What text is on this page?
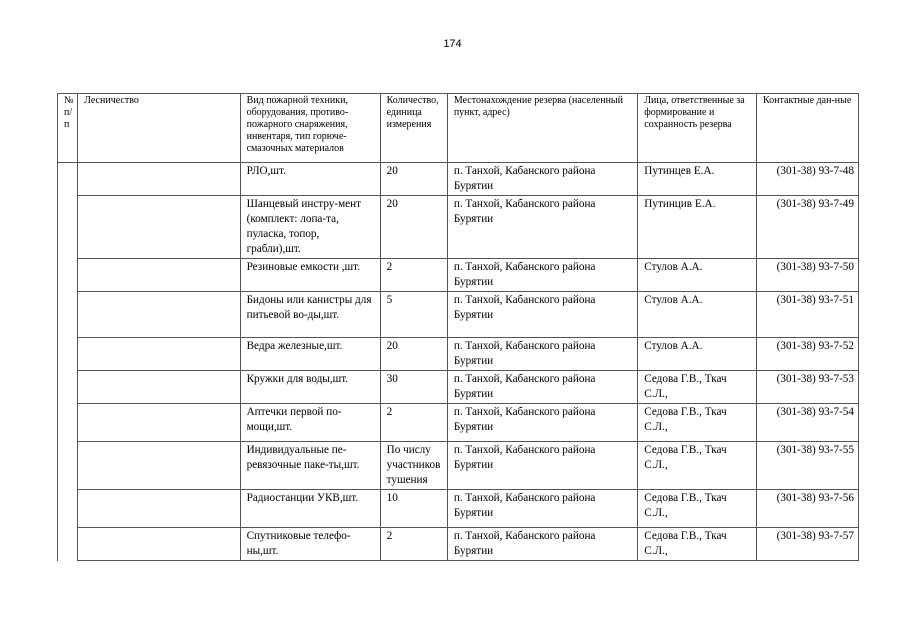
174
№ п/п	Лесничество	Вид пожарной техники, оборудования, противо-пожарного снаряжения, инвентаря, тип горюче-смазочных материалов	Количество, единица измерения	Местонахождение резерва (населенный пункт, адрес)	Лица, ответственные за формирование и сохранность резерва	Контактные дан-ные
		РЛО,шт.	20	п. Танхой, Кабанского района Бурятии	Путинцев Е.А.	(301-38) 93-7-48
		Шанцевый инстру-мент (комплект: лопа-та, пуласка, топор, грабли),шт.	20	п. Танхой, Кабанского района Бурятии	Путинцив Е.А.	(301-38) 93-7-49
		Резиновые емкости ,шт.	2	п. Танхой, Кабанского района Бурятии	Стулов А.А.	(301-38) 93-7-50
		Бидоны или канистры для питьевой во-ды,шт.	5	п. Танхой, Кабанского района Бурятии	Стулов А.А.	(301-38) 93-7-51
		Ведра железные,шт.	20	п. Танхой, Кабанского района Бурятии	Стулов А.А.	(301-38) 93-7-52
		Кружки для воды,шт.	30	п. Танхой, Кабанского района Бурятии	Седова Г.В., Ткач С.Л.,	(301-38) 93-7-53
		Аптечки первой по-мощи,шт.	2	п. Танхой, Кабанского района Бурятии	Седова Г.В., Ткач С.Л.,	(301-38) 93-7-54
		Индивидуальные пе-ревязочные паке-ты,шт.	По числу участников тушения	п. Танхой, Кабанского района Бурятии	Седова Г.В., Ткач С.Л.,	(301-38) 93-7-55
		Радиостанции УКВ,шт.	10	п. Танхой, Кабанского района Бурятии	Седова Г.В., Ткач С.Л.,	(301-38) 93-7-56
		Спутниковые телефо-ны,шт.	2	п. Танхой, Кабанского района Бурятии	Седова Г.В., Ткач С.Л.,	(301-38) 93-7-57
